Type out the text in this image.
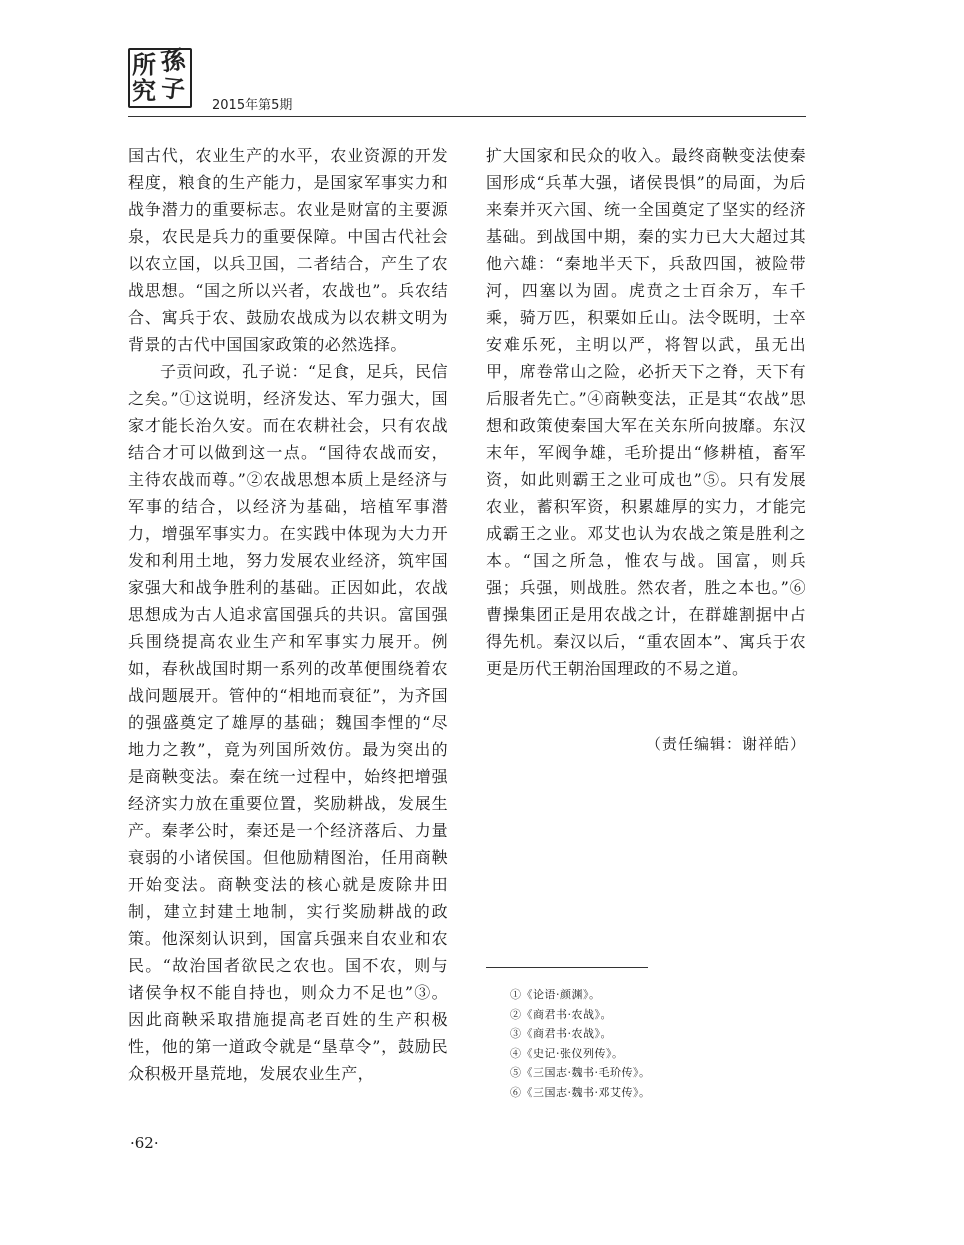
所 孫
究 子
2015年第5期

国古代，农业生产的水平，农业资源的开发程度，粮食的生产能力，是国家军事实力和战争潜力的重要标志。农业是财富的主要源泉，农民是兵力的重要保障。中国古代社会以农立国，以兵卫国，二者结合，产生了农战思想。“国之所以兴者，农战也”。兵农结合、寓兵于农、鼓励农战成为以农耕文明为背景的古代中国国家政策的必然选择。

子贡问政，孔子说：“足食，足兵，民信之矣。”①这说明，经济发达、军力强大，国家才能长治久安。而在农耕社会，只有农战结合才可以做到这一点。“国待农战而安，主待农战而尊。”②农战思想本质上是经济与军事的结合，以经济为基础，培植军事潜力，增强军事实力。在实践中体现为大力开发和利用土地，努力发展农业经济，筑牢国家强大和战争胜利的基础。正因如此，农战思想成为古人追求富国强兵的共识。富国强兵围绕提高农业生产和军事实力展开。例如，春秋战国时期一系列的改革便围绕着农战问题展开。管仲的“相地而衰征”，为齐国的强盛奠定了雄厚的基础；魏国李悝的“尽地力之教”，竟为列国所效仿。最为突出的是商鞅变法。秦在统一过程中，始终把增强经济实力放在重要位置，奖励耕战，发展生产。秦孝公时，秦还是一个经济落后、力量衰弱的小诸侯国。但他励精图治，任用商鞅开始变法。商鞅变法的核心就是废除井田制，建立封建土地制，实行奖励耕战的政策。他深刻认识到，国富兵强来自农业和农民。“故治国者欲民之农也。国不农，则与诸侯争权不能自持也，则众力不足也”③。因此商鞅采取措施提高老百姓的生产积极性，他的第一道政令就是“垦草令”，鼓励民众积极开垦荒地，发展农业生产，

扩大国家和民众的收入。最终商鞅变法使秦国形成“兵革大强，诸侯畏惧”的局面，为后来秦并灭六国、统一全国奠定了坚实的经济基础。到战国中期，秦的实力已大大超过其他六雄：“秦地半天下，兵敌四国，被险带河，四塞以为固。虎贲之士百余万，车千乘，骑万匹，积粟如丘山。法令既明，士卒安难乐死，主明以严，将智以武，虽无出甲，席卷常山之险，必折天下之脊，天下有后服者先亡。”④商鞅变法，正是其“农战”思想和政策使秦国大军在关东所向披靡。东汉末年，军阀争雄，毛玠提出“修耕植，畜军资，如此则霸王之业可成也”⑤。只有发展农业，蓄积军资，积累雄厚的实力，才能完成霸王之业。邓艾也认为农战之策是胜利之本。“国之所急，惟农与战。国富，则兵强；兵强，则战胜。然农者，胜之本也。”⑥曹操集团正是用农战之计，在群雄割据中占得先机。秦汉以后，“重农固本”、寓兵于农更是历代王朝治国理政的不易之道。

（责任编辑：谢祥皓）
①《论语·颜渊》。
②《商君书·农战》。
③《商君书·农战》。
④《史记·张仪列传》。
⑤《三国志·魏书·毛玠传》。
⑥《三国志·魏书·邓艾传》。
·62·
